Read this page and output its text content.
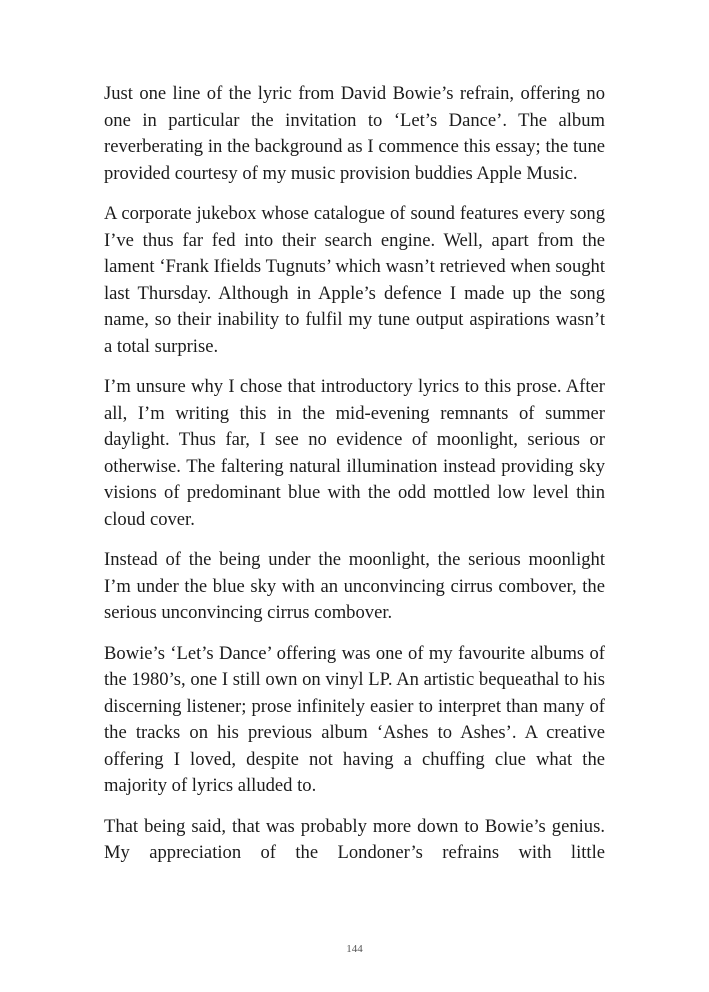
Just one line of the lyric from David Bowie’s refrain, offering no one in particular the invitation to ‘Let’s Dance’. The album reverberating in the background as I commence this essay; the tune provided courtesy of my music provision buddies Apple Music.

A corporate jukebox whose catalogue of sound features every song I’ve thus far fed into their search engine. Well, apart from the lament ‘Frank Ifields Tugnuts’ which wasn’t retrieved when sought last Thursday. Although in Apple’s defence I made up the song name, so their inability to fulfil my tune output aspirations wasn’t a total surprise.

I’m unsure why I chose that introductory lyrics to this prose. After all, I’m writing this in the mid-evening remnants of summer daylight. Thus far, I see no evidence of moonlight, serious or otherwise. The faltering natural illumination instead providing sky visions of predominant blue with the odd mottled low level thin cloud cover.

Instead of the being under the moonlight, the serious moonlight I’m under the blue sky with an unconvincing cirrus combover, the serious unconvincing cirrus combover.

Bowie’s ‘Let’s Dance’ offering was one of my favourite albums of the 1980’s, one I still own on vinyl LP. An artistic bequeathal to his discerning listener; prose infinitely easier to interpret than many of the tracks on his previous album ‘Ashes to Ashes’. A creative offering I loved, despite not having a chuffing clue what the majority of lyrics alluded to.

That being said, that was probably more down to Bowie’s genius. My appreciation of the Londoner’s refrains with little

144
